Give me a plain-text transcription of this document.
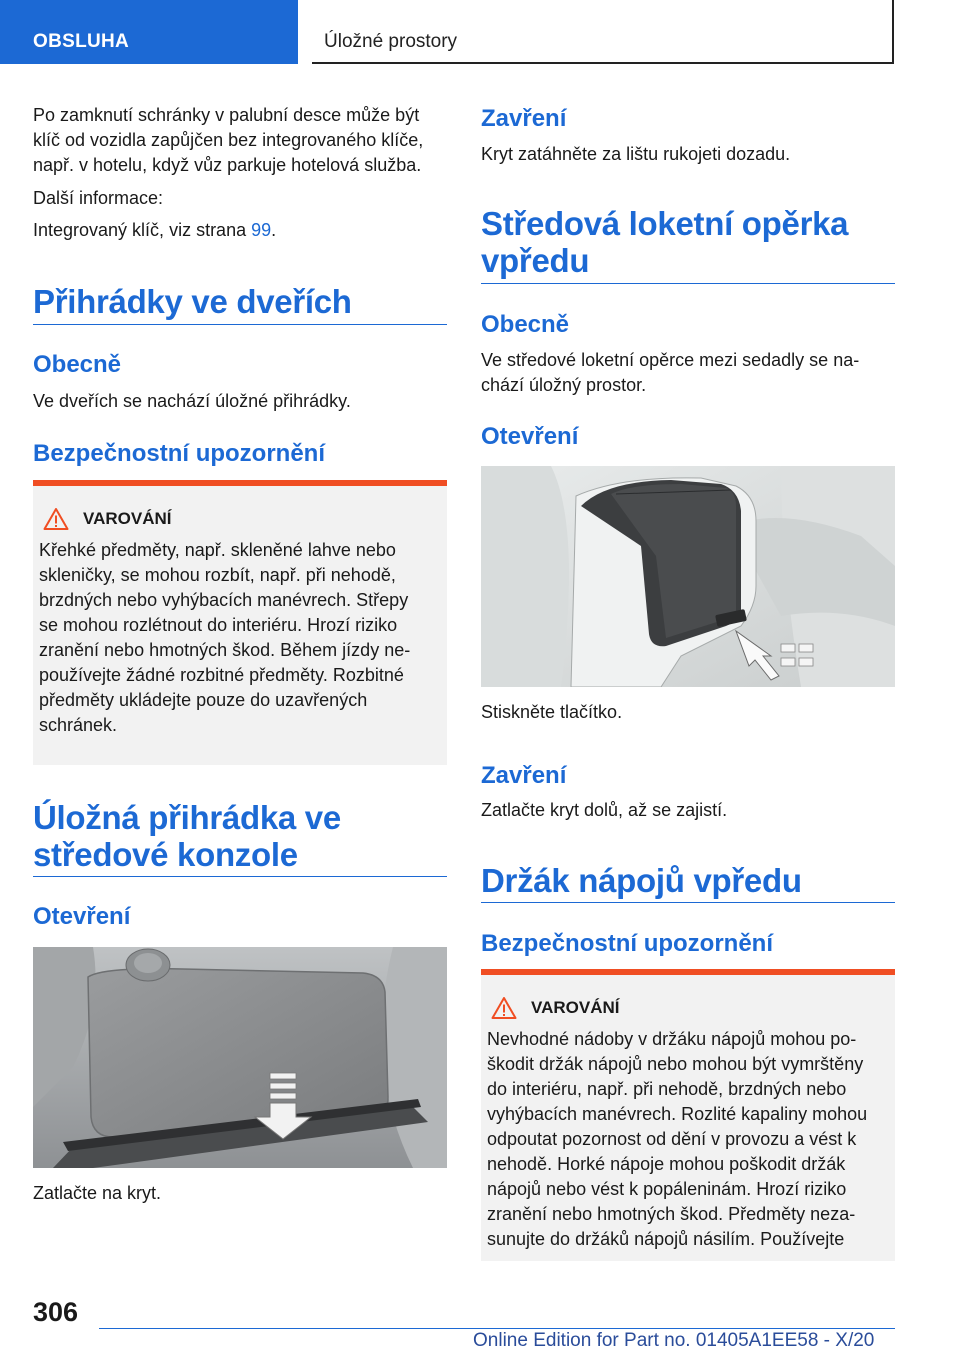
OBSLUHA	Úložné prostory

Po zamknutí schránky v palubní desce může být
klíč od vozidla zapůjčen bez integrovaného klíče,
např. v hotelu, když vůz parkuje hotelová služba.

Další informace:

Integrovaný klíč, viz strana 99.

Přihrádky ve dveřích
Obecně

Ve dveřích se nachází úložné přihrádky.

Bezpečnostní upozornění
VAROVÁNÍ

Křehké předměty, např. skleněné lahve nebo
skleničky, se mohou rozbít, např. při nehodě,
brzdných nebo vyhýbacích manévrech. Střepy
se mohou rozlétnout do interiéru. Hrozí riziko
zranění nebo hmotných škod. Během jízdy ne-
používejte žádné rozbitné předměty. Rozbitné
předměty ukládejte pouze do uzavřených
schránek.

Úložná přihrádka ve
středové konzole
Otevření

Zatlačte na kryt.

Zavření

Kryt zatáhněte za lištu rukojeti dozadu.

Středová loketní opěrka
vpředu
Obecně

Ve středové loketní opěrce mezi sedadly se na-
chází úložný prostor.

Otevření

Stiskněte tlačítko.

Zavření

Zatlačte kryt dolů, až se zajistí.

Držák nápojů vpředu
Bezpečnostní upozornění
VAROVÁNÍ

Nevhodné nádoby v držáku nápojů mohou po-
škodit držák nápojů nebo mohou být vymrštěny
do interiéru, např. při nehodě, brzdných nebo
vyhýbacích manévrech. Rozlité kapaliny mohou
odpoutat pozornost od dění v provozu a vést k
nehodě. Horké nápoje mohou poškodit držák
nápojů nebo vést k popáleninám. Hrozí riziko
zranění nebo hmotných škod. Předměty neza-
sunujte do držáků nápojů násilím. Používejte

306
Online Edition for Part no. 01405A1EE58 - X/20
